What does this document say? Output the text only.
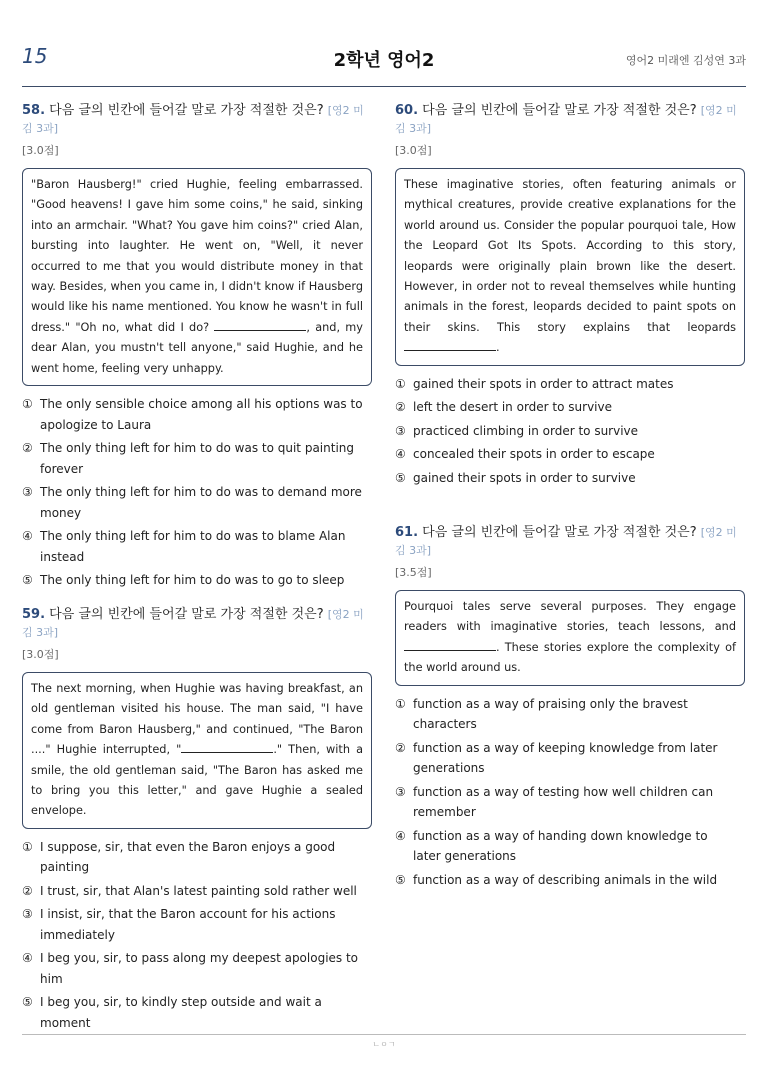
15	2학년 영어2	영어2 미래엔 김성연 3과
58. 다음 글의 빈칸에 들어갈 말로 가장 적절한 것은? [영2 미김 3과]
[3.0점]
"Baron Hausberg!" cried Hughie, feeling embarrassed. "Good heavens! I gave him some coins," he said, sinking into an armchair. "What? You gave him coins?" cried Alan, bursting into laughter. He went on, "Well, it never occurred to me that you would distribute money in that way. Besides, when you came in, I didn't know if Hausberg would like his name mentioned. You know he wasn't in full dress." "Oh no, what did I do?	, and, my dear Alan, you mustn't tell anyone," said Hughie, and he went home, feeling very unhappy.
① The only sensible choice among all his options was to apologize to Laura
② The only thing left for him to do was to quit painting forever
③ The only thing left for him to do was to demand more money
④ The only thing left for him to do was to blame Alan instead
⑤ The only thing left for him to do was to go to sleep
59. 다음 글의 빈칸에 들어갈 말로 가장 적절한 것은? [영2 미김 3과]
[3.0점]
The next morning, when Hughie was having breakfast, an old gentleman visited his house. The man said, "I have come from Baron Hausberg," and continued, "The Baron ...." Hughie interrupted, "	." Then, with a smile, the old gentleman said, "The Baron has asked me to bring you this letter," and gave Hughie a sealed envelope.
① I suppose, sir, that even the Baron enjoys a good painting
② I trust, sir, that Alan's latest painting sold rather well
③ I insist, sir, that the Baron account for his actions immediately
④ I beg you, sir, to pass along my deepest apologies to him
⑤ I beg you, sir, to kindly step outside and wait a moment
60. 다음 글의 빈칸에 들어갈 말로 가장 적절한 것은? [영2 미김 3과]
[3.0점]
These imaginative stories, often featuring animals or mythical creatures, provide creative explanations for the world around us. Consider the popular pourquoi tale, How the Leopard Got Its Spots. According to this story, leopards were originally plain brown like the desert. However, in order not to reveal themselves while hunting animals in the forest, leopards decided to paint spots on their skins. This story explains that leopards .
① gained their spots in order to attract mates
② left the desert in order to survive
③ practiced climbing in order to survive
④ concealed their spots in order to escape
⑤ gained their spots in order to survive
61. 다음 글의 빈칸에 들어갈 말로 가장 적절한 것은? [영2 미김 3과]
[3.5점]
Pourquoi tales serve several purposes. They engage readers with imaginative stories, teach lessons, and . These stories explore the complexity of the world around us.
① function as a way of praising only the bravest characters
② function as a way of keeping knowledge from later generations
③ function as a way of testing how well children can remember
④ function as a way of handing down knowledge to later generations
⑤ function as a way of describing animals in the wild
ㄴㅇㄱ
